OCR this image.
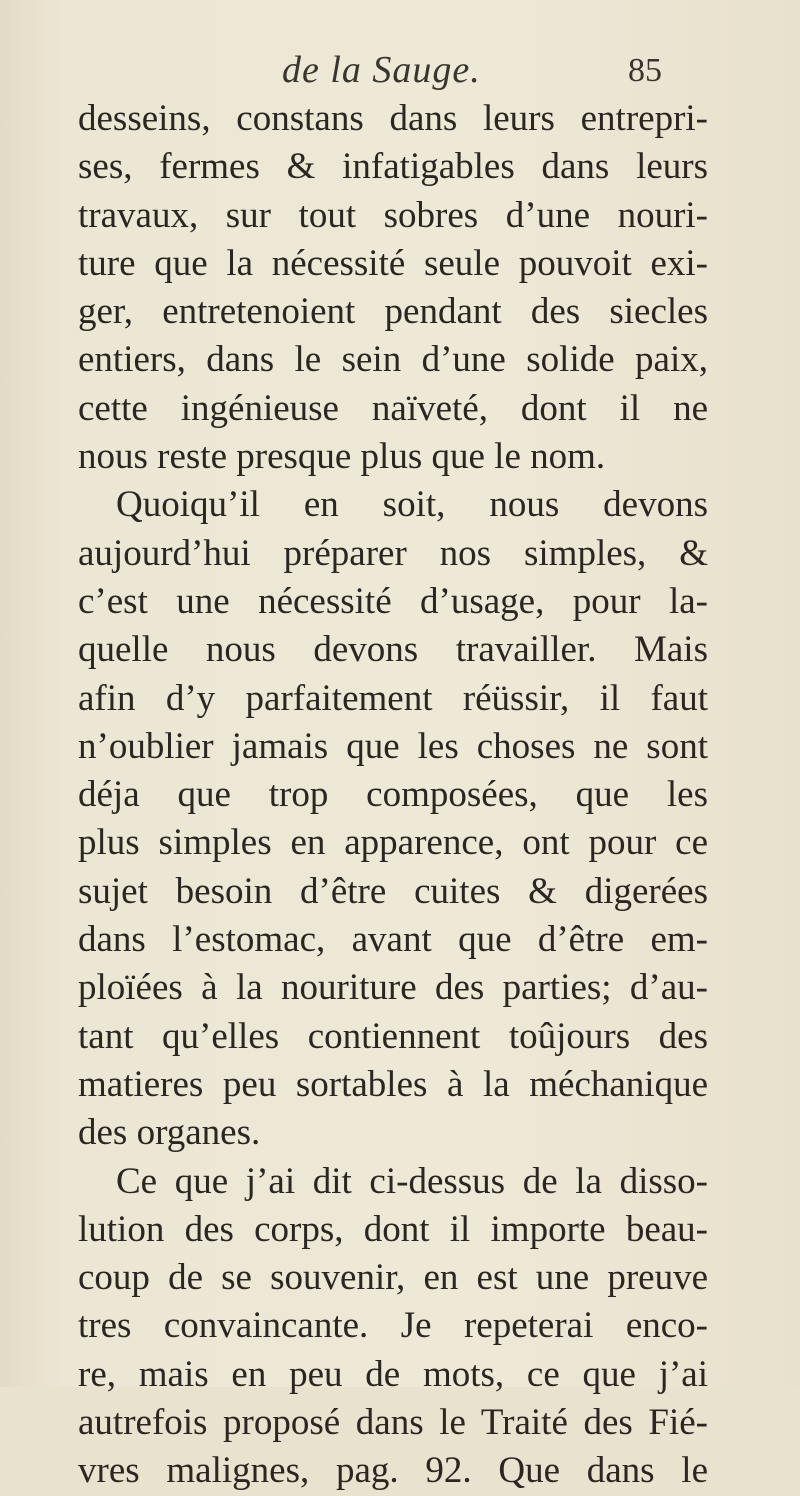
de la Sauge.	85
desseins, constans dans leurs entrepri-
ses, fermes & infatigables dans leurs
travaux, sur tout sobres d’une nouri-
ture que la nécessité seule pouvoit exi-
ger, entretenoient pendant des siecles
entiers, dans le sein d’une solide paix,
cette ingénieuse naïveté, dont il ne
nous reste presque plus que le nom.
Quoiqu’il en soit, nous devons
aujourd’hui préparer nos simples, &
c’est une nécessité d’usage, pour la-
quelle nous devons travailler. Mais
afin d’y parfaitement réüssir, il faut
n’oublier jamais que les choses ne sont
déja que trop composées, que les
plus simples en apparence, ont pour ce
sujet besoin d’être cuites & digerées
dans l’estomac, avant que d’être em-
ploïées à la nouriture des parties; d’au-
tant qu’elles contiennent toûjours des
matieres peu sortables à la méchanique
des organes.
Ce que j’ai dit ci-dessus de la disso-
lution des corps, dont il importe beau-
coup de se souvenir, en est une preuve
tres convaincante. Je repeterai enco-
re, mais en peu de mots, ce que j’ai
autrefois proposé dans le Traité des Fié-
vres malignes, pag. 92. Que dans le
